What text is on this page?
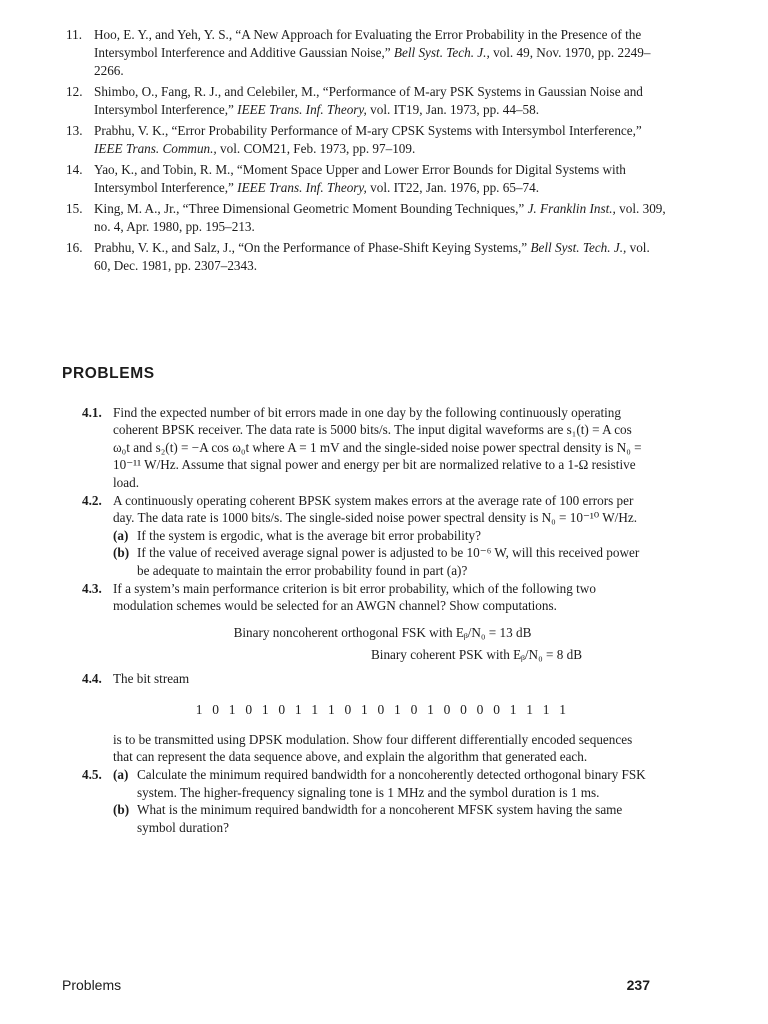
11. Hoo, E. Y., and Yeh, Y. S., “A New Approach for Evaluating the Error Probability in the Presence of the Intersymbol Interference and Additive Gaussian Noise,” Bell Syst. Tech. J., vol. 49, Nov. 1970, pp. 2249–2266.
12. Shimbo, O., Fang, R. J., and Celebiler, M., “Performance of M-ary PSK Systems in Gaussian Noise and Intersymbol Interference,” IEEE Trans. Inf. Theory, vol. IT19, Jan. 1973, pp. 44–58.
13. Prabhu, V. K., “Error Probability Performance of M-ary CPSK Systems with Intersymbol Interference,” IEEE Trans. Commun., vol. COM21, Feb. 1973, pp. 97–109.
14. Yao, K., and Tobin, R. M., “Moment Space Upper and Lower Error Bounds for Digital Systems with Intersymbol Interference,” IEEE Trans. Inf. Theory, vol. IT22, Jan. 1976, pp. 65–74.
15. King, M. A., Jr., “Three Dimensional Geometric Moment Bounding Techniques,” J. Franklin Inst., vol. 309, no. 4, Apr. 1980, pp. 195–213.
16. Prabhu, V. K., and Salz, J., “On the Performance of Phase-Shift Keying Systems,” Bell Syst. Tech. J., vol. 60, Dec. 1981, pp. 2307–2343.
PROBLEMS
4.1. Find the expected number of bit errors made in one day by the following continuously operating coherent BPSK receiver. The data rate is 5000 bits/s. The input digital waveforms are s₁(t) = A cos ω₀t and s₂(t) = −A cos ω₀t where A = 1 mV and the single-sided noise power spectral density is N₀ = 10⁻¹¹ W/Hz. Assume that signal power and energy per bit are normalized relative to a 1-Ω resistive load.
4.2. A continuously operating coherent BPSK system makes errors at the average rate of 100 errors per day. The data rate is 1000 bits/s. The single-sided noise power spectral density is N₀ = 10⁻¹⁰ W/Hz.
(a) If the system is ergodic, what is the average bit error probability?
(b) If the value of received average signal power is adjusted to be 10⁻⁶ W, will this received power be adequate to maintain the error probability found in part (a)?
4.3. If a system’s main performance criterion is bit error probability, which of the following two modulation schemes would be selected for an AWGN channel? Show computations.
Binary noncoherent orthogonal FSK with Eᵦ/N₀ = 13 dB
Binary coherent PSK with Eᵦ/N₀ = 8 dB
4.4. The bit stream
1 0 1 0 1 0 1 1 1 0 1 0 1 0 1 0 0 0 0 1 1 1 1
is to be transmitted using DPSK modulation. Show four different differentially encoded sequences that can represent the data sequence above, and explain the algorithm that generated each.
4.5. (a) Calculate the minimum required bandwidth for a noncoherently detected orthogonal binary FSK system. The higher-frequency signaling tone is 1 MHz and the symbol duration is 1 ms.
(b) What is the minimum required bandwidth for a noncoherent MFSK system having the same symbol duration?
Problems	237
